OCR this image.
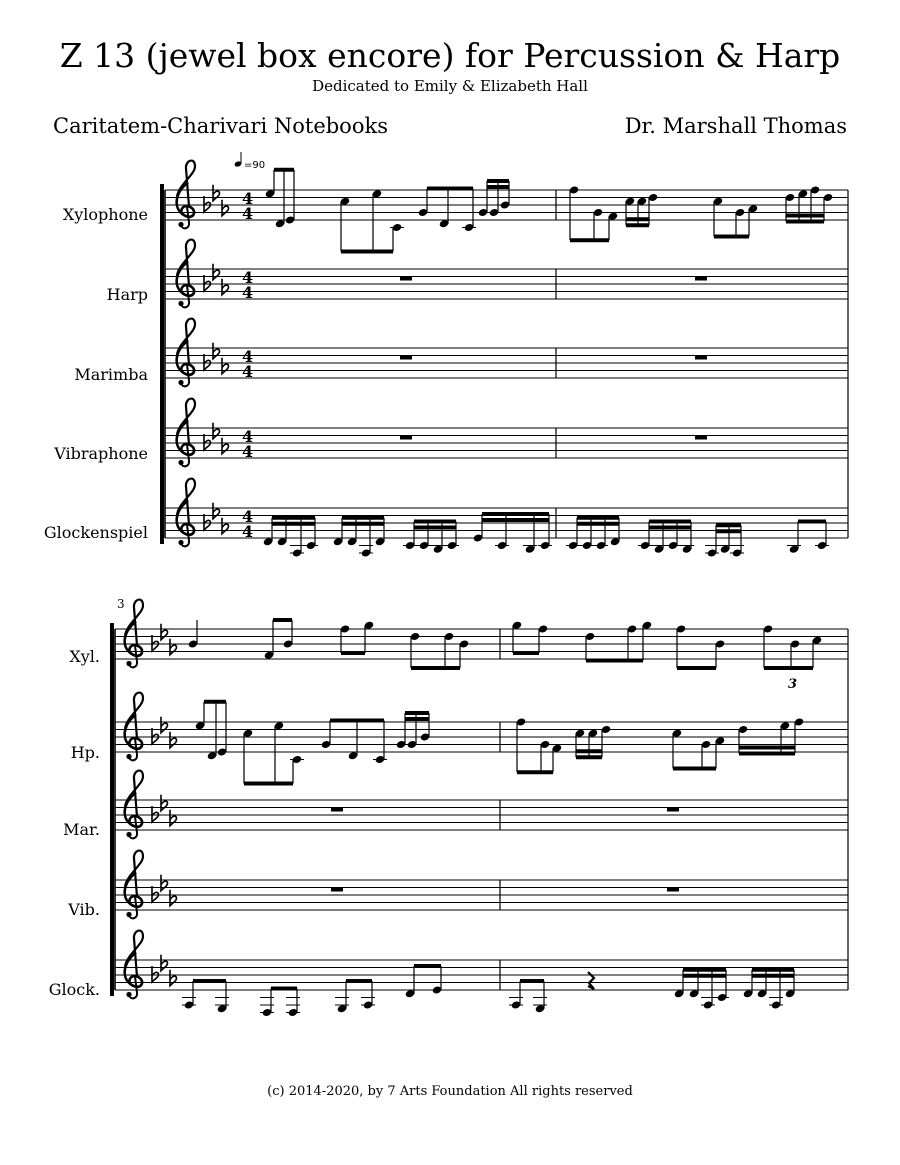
Z 13 (jewel box encore) for Percussion & Harp
Dedicated to Emily & Elizabeth Hall
Caritatem-Charivari Notebooks	Dr. Marshall Thomas
Xylophone
Harp
Marimba
Vibraphone
Glockenspiel
Xyl.
Hp.
Mar.
Vib.
Glock.
(c) 2014-2020, by 7 Arts Foundation All rights reserved
4
4
4
4
4
4
4
4
4
4
3
3
=90
